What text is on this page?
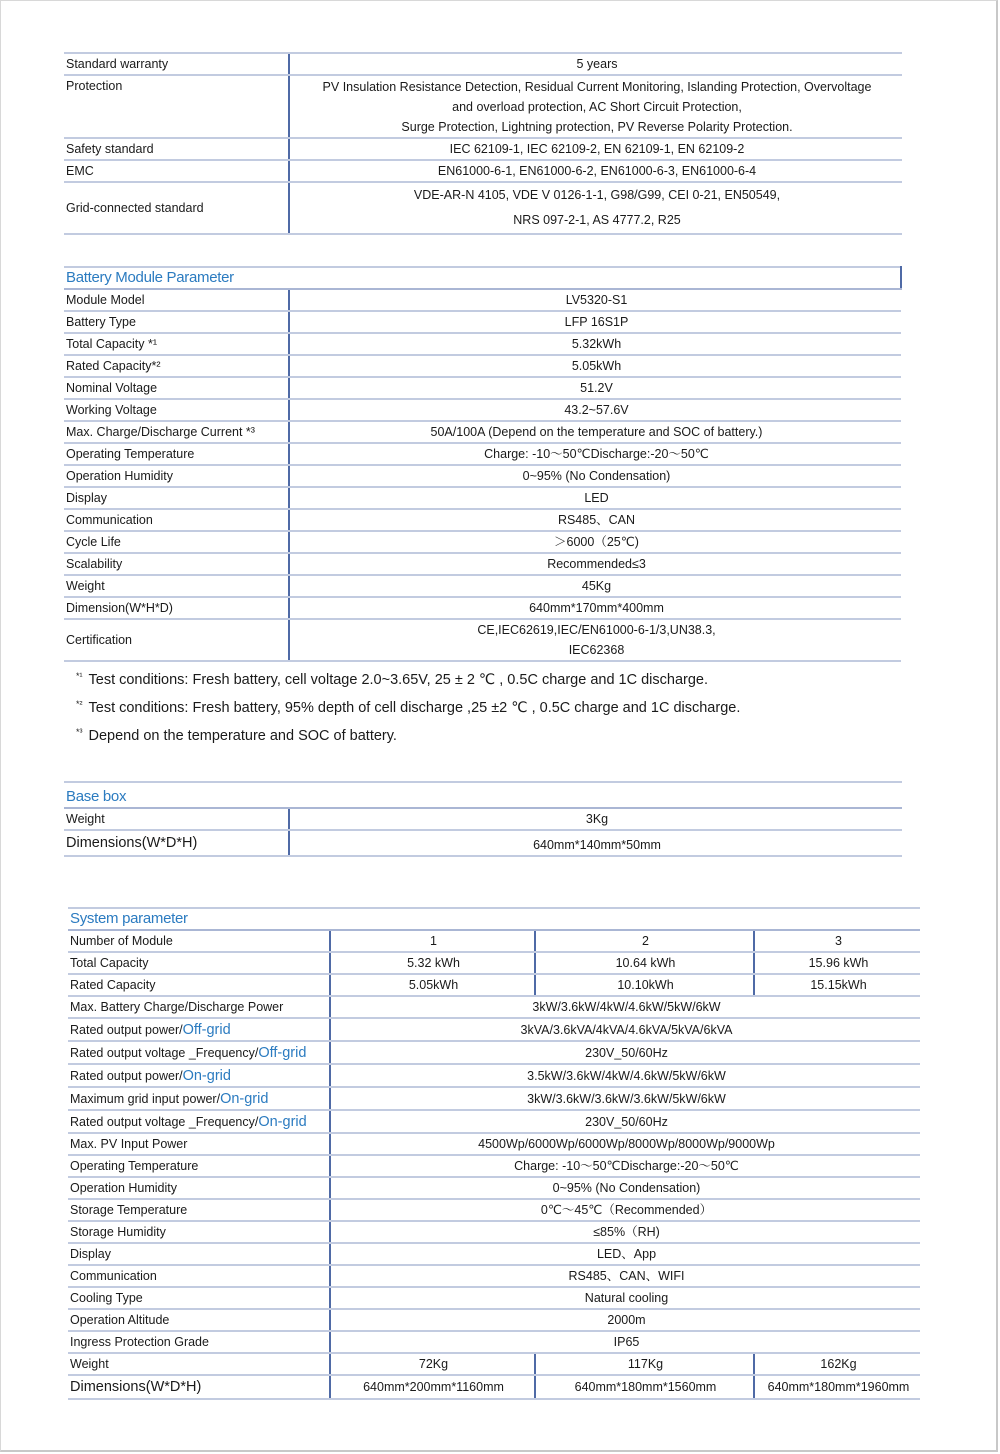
Standard warranty	5 years
Protection	PV Insulation Resistance Detection, Residual Current Monitoring, Islanding Protection, Overvoltage
and overload protection, AC Short Circuit Protection,
Surge Protection, Lightning protection, PV Reverse Polarity Protection.

Safety standard	IEC 62109-1, IEC 62109-2, EN 62109-1, EN 62109-2
EMC	EN61000-6-1, EN61000-6-2, EN61000-6-3, EN61000-6-4
Grid-connected standard	VDE-AR-N 4105, VDE V 0126-1-1, G98/G99, CEI 0-21, EN50549,
NRS 097-2-1, AS 4777.2, R25
Battery Module Parameter	
Module Model	LV5320-S1
Battery Type	LFP 16S1P
Total Capacity *¹	5.32kWh
Rated Capacity*²	5.05kWh
Nominal Voltage	51.2V
Working Voltage	43.2~57.6V
Max. Charge/Discharge Current *³	50A/100A (Depend on the temperature and SOC of battery.)
Operating Temperature	Charge: -10～50℃Discharge:-20～50℃
Operation Humidity	0~95% (No Condensation)
Display	LED
Communication	RS485、CAN
Cycle Life	＞6000（25℃)
Scalability	Recommended≤3
Weight	45Kg
Dimension(W*H*D)	640mm*170mm*400mm
Certification	CE,IEC62619,IEC/EN61000-6-1/3,UN38.3,
IEC62368
$^{*^1}$ Test conditions: Fresh battery, cell voltage 2.0~3.65V, 25 ± 2 ℃ , 0.5C charge and 1C discharge.
$^{*^2}$ Test conditions: Fresh battery, 95% depth of cell discharge ,25 ±2 ℃ , 0.5C charge and 1C discharge.
$^{*^3}$ Depend on the temperature and SOC of battery.
Base box	
Weight	3Kg
Dimensions(W*D*H)	640mm*140mm*50mm
System parameter			
Number of Module	1	2	3
Total Capacity	5.32 kWh	10.64 kWh	15.96 kWh
Rated Capacity	5.05kWh	10.10kWh	15.15kWh
Max. Battery Charge/Discharge Power	3kW/3.6kW/4kW/4.6kW/5kW/6kW		
Rated output power/Off-grid	3kVA/3.6kVA/4kVA/4.6kVA/5kVA/6kVA		
Rated output voltage _Frequency/Off-grid	230V_50/60Hz		
Rated output power/On-grid	3.5kW/3.6kW/4kW/4.6kW/5kW/6kW		
Maximum grid input power/On-grid	3kW/3.6kW/3.6kW/3.6kW/5kW/6kW		
Rated output voltage _Frequency/On-grid	230V_50/60Hz		
Max. PV Input Power	4500Wp/6000Wp/6000Wp/8000Wp/8000Wp/9000Wp		
Operating Temperature	Charge: -10～50℃Discharge:-20～50℃		
Operation Humidity	0~95% (No Condensation)		
Storage Temperature	0℃～45℃（Recommended）		
Storage Humidity	≤85%（RH)		
Display	LED、App		
Communication	RS485、CAN、WIFI		
Cooling Type	Natural cooling		
Operation Altitude	2000m		
Ingress Protection Grade	IP65		
Weight	72Kg	117Kg	162Kg
Dimensions(W*D*H)	640mm*200mm*1160mm	640mm*180mm*1560mm	640mm*180mm*1960mm
